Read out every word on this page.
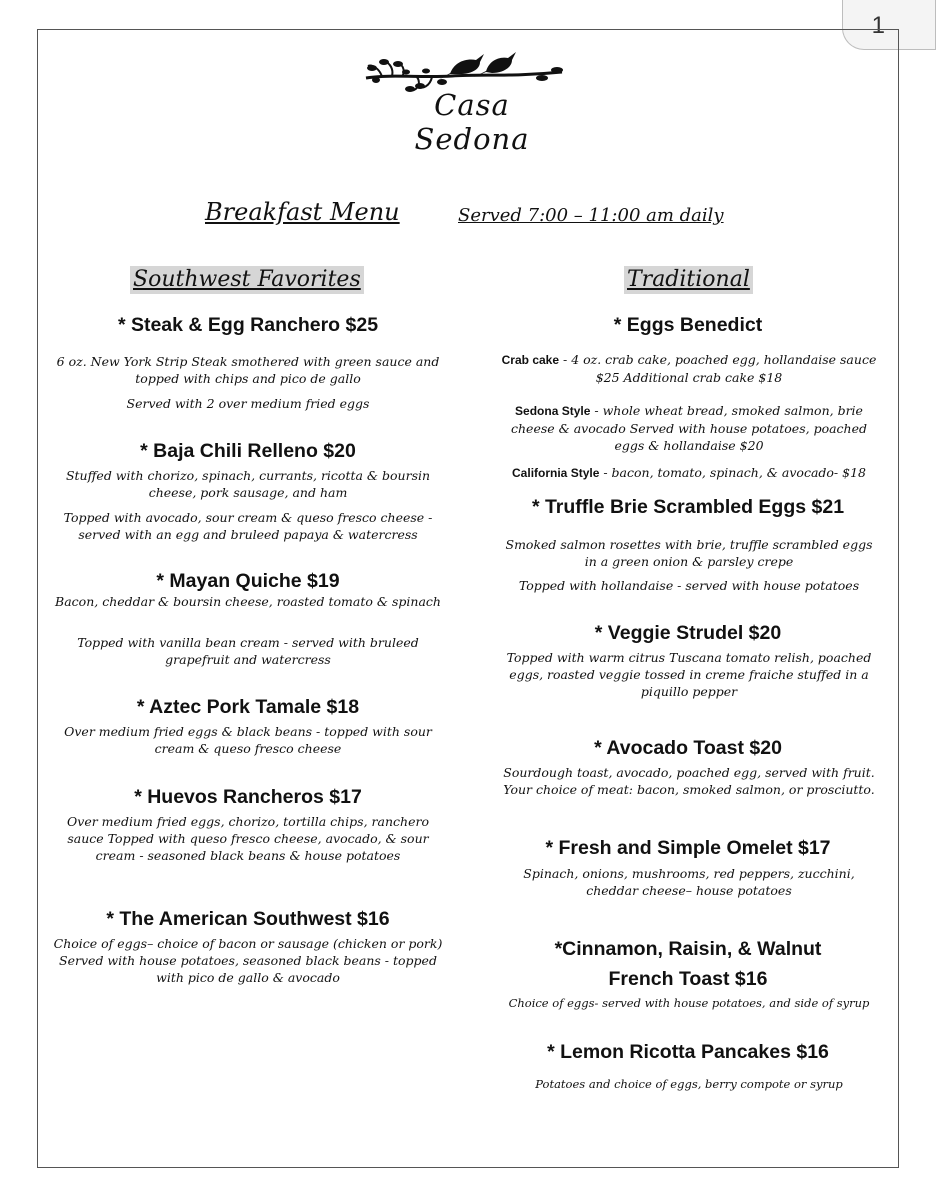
1
Casa Sedona
Breakfast Menu	Served 7:00 – 11:00 am daily
Southwest Favorites	Traditional
* Steak & Egg Ranchero $25
6 oz. New York Strip Steak smothered with green sauce and topped with chips and pico de gallo
Served with 2 over medium fried eggs
* Baja Chili Relleno $20
Stuffed with chorizo, spinach, currants, ricotta & boursin cheese, pork sausage, and ham
Topped with avocado, sour cream & queso fresco cheese - served with an egg and bruleed papaya & watercress
* Mayan Quiche $19
Bacon, cheddar & boursin cheese, roasted tomato & spinach
Topped with vanilla bean cream - served with bruleed grapefruit and watercress
* Aztec Pork Tamale $18
Over medium fried eggs & black beans - topped with sour cream & queso fresco cheese
* Huevos Rancheros $17
Over medium fried eggs, chorizo, tortilla chips, ranchero sauce Topped with queso fresco cheese, avocado, & sour cream - seasoned black beans & house potatoes
* The American Southwest $16
Choice of eggs– choice of bacon or sausage (chicken or pork) Served with house potatoes, seasoned black beans - topped with pico de gallo & avocado
* Eggs Benedict
Crab cake - 4 oz. crab cake, poached egg, hollandaise sauce $25 Additional crab cake $18
Sedona Style - whole wheat bread, smoked salmon, brie cheese & avocado Served with house potatoes, poached eggs & hollandaise $20
California Style - bacon, tomato, spinach, & avocado- $18
* Truffle Brie Scrambled Eggs $21
Smoked salmon rosettes with brie, truffle scrambled eggs in a green onion & parsley crepe
Topped with hollandaise - served with house potatoes
* Veggie Strudel $20
Topped with warm citrus Tuscana tomato relish, poached eggs, roasted veggie tossed in creme fraiche stuffed in a piquillo pepper
* Avocado Toast $20
Sourdough toast, avocado, poached egg, served with fruit. Your choice of meat: bacon, smoked salmon, or prosciutto.
* Fresh and Simple Omelet $17
Spinach, onions, mushrooms, red peppers, zucchini, cheddar cheese– house potatoes
*Cinnamon, Raisin, & Walnut
French Toast $16
Choice of eggs- served with house potatoes, and side of syrup
* Lemon Ricotta Pancakes $16
Potatoes and choice of eggs, berry compote or syrup
